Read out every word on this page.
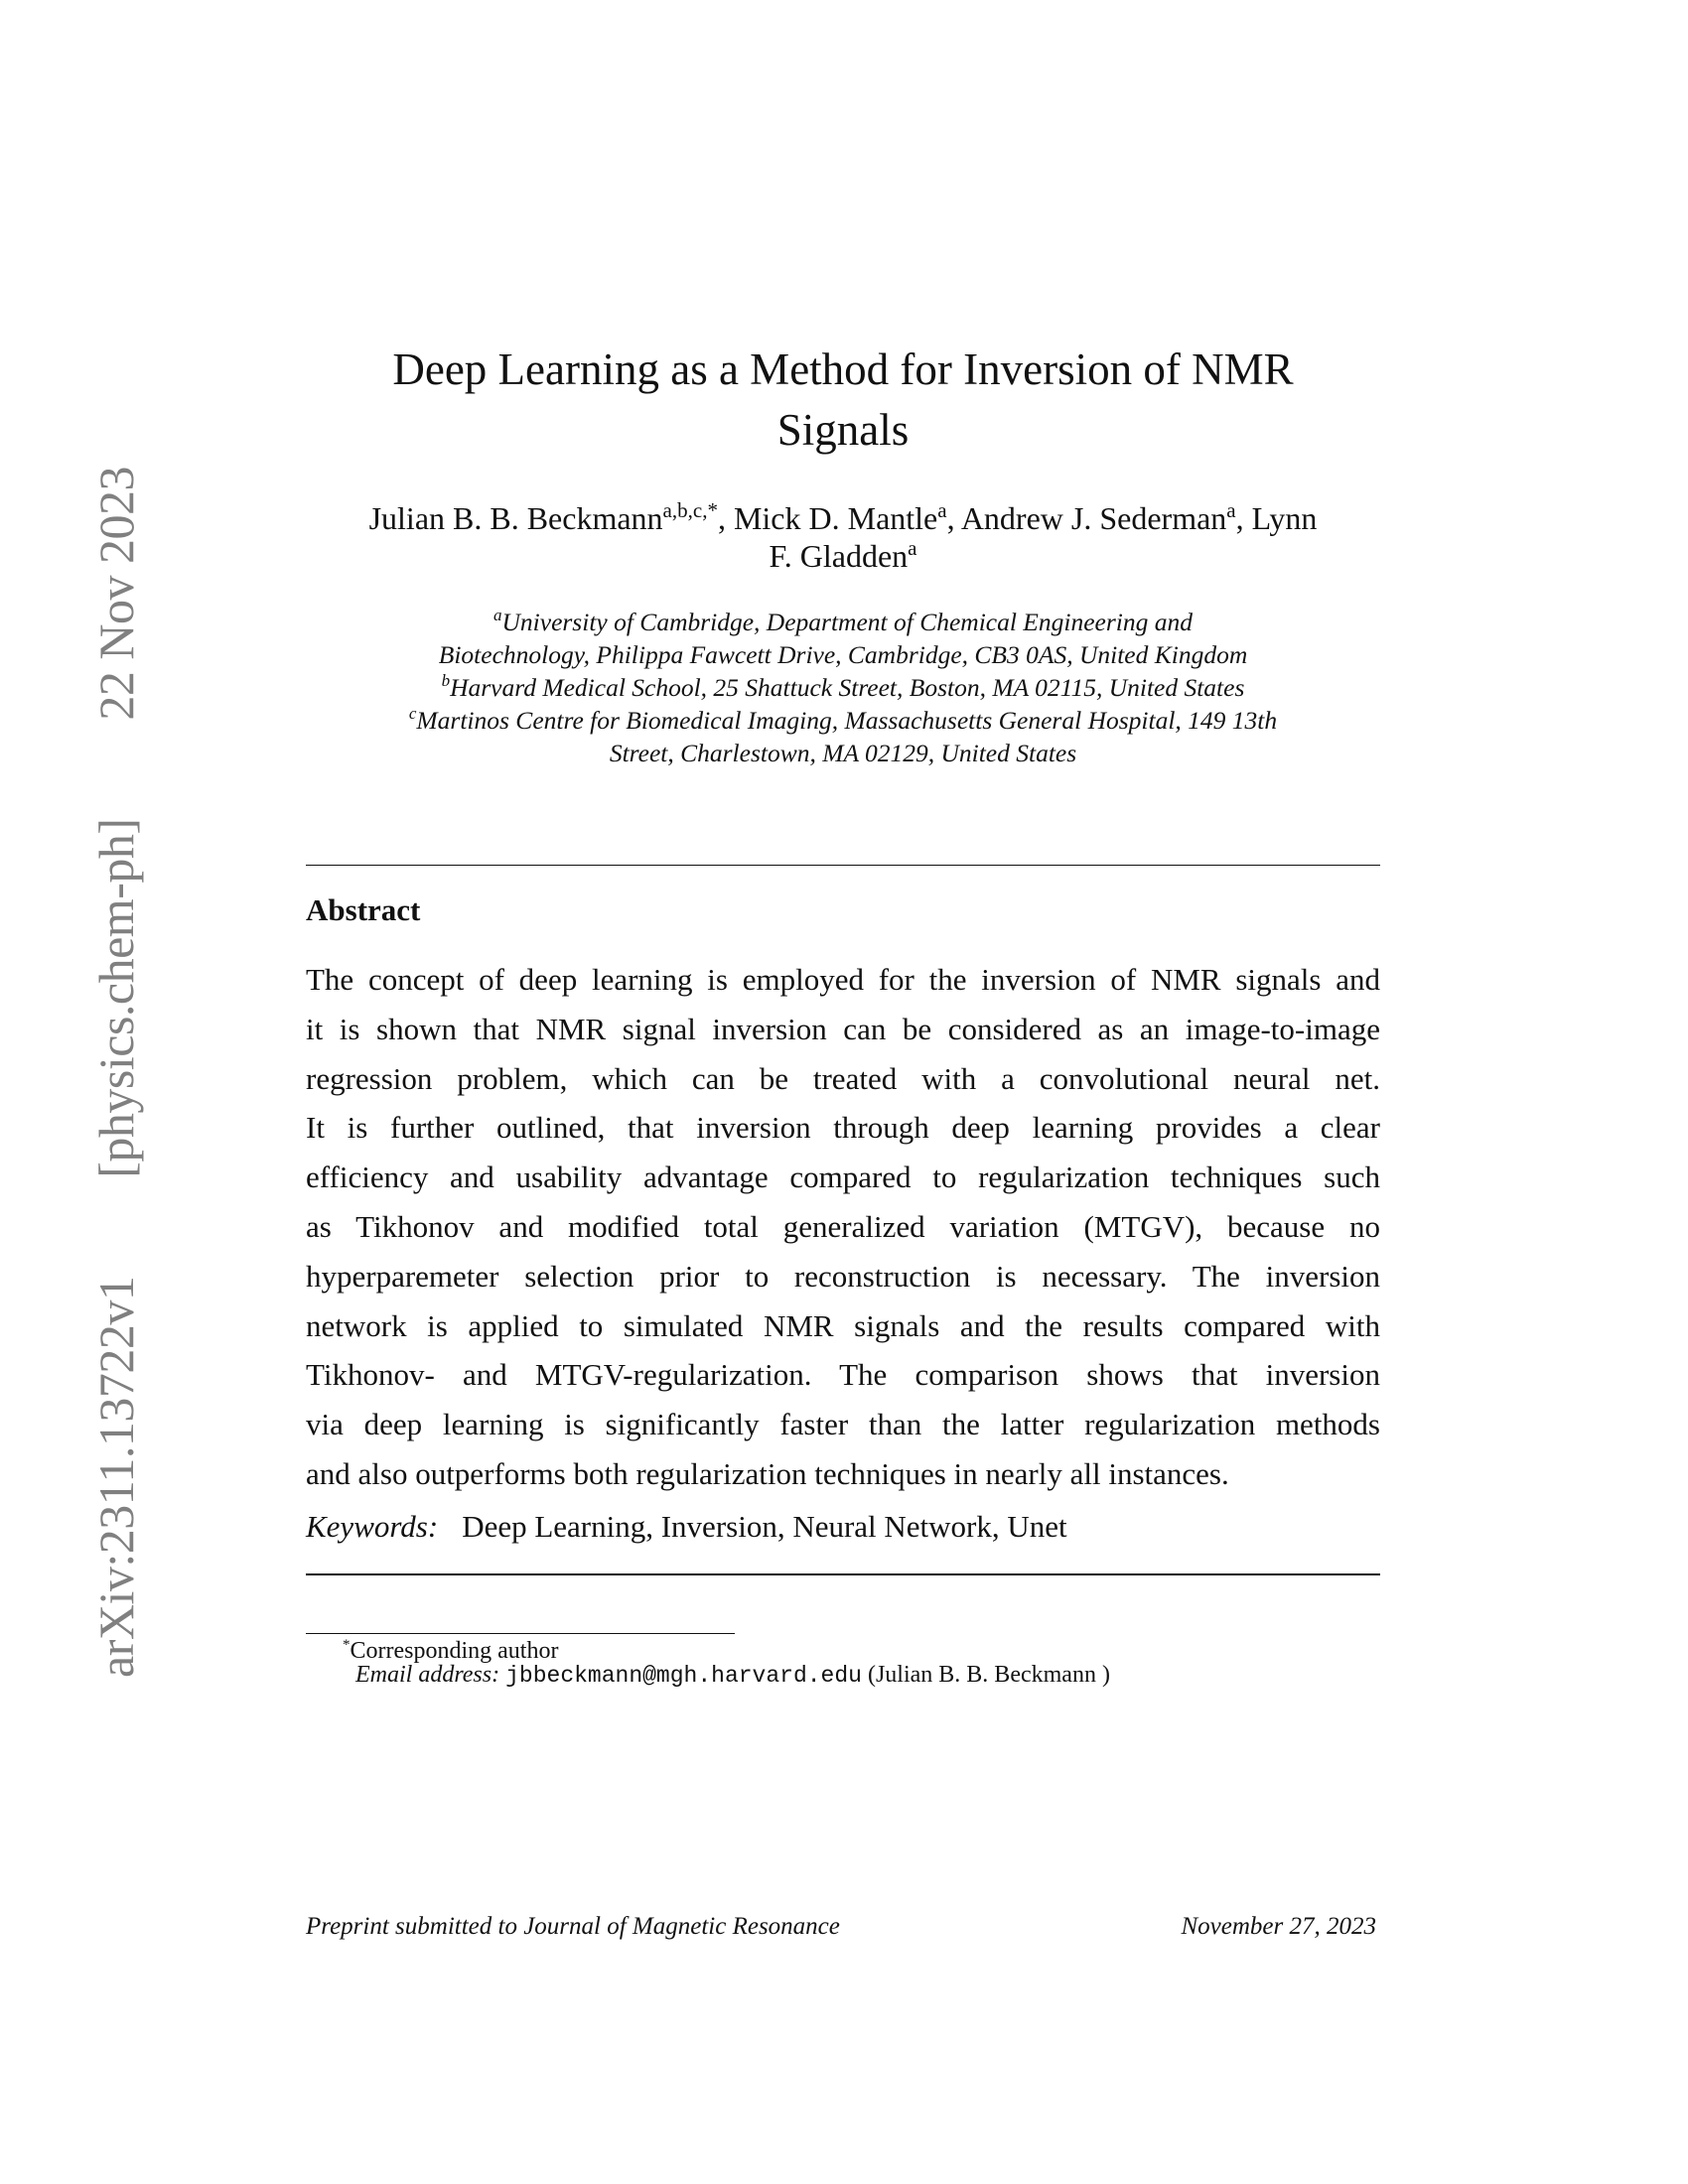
arXiv:2311.13722v1
[physics.chem-ph]
22 Nov 2023
Deep Learning as a Method for Inversion of NMR
Signals
Julian B. B. Beckmann$^{a,b,c,*}$, Mick D. Mantle$^a$, Andrew J. Sederman$^a$, Lynn
F. Gladden$^a$
$^a$University of Cambridge, Department of Chemical Engineering and
Biotechnology, Philippa Fawcett Drive, Cambridge, CB3 0AS, United Kingdom
$^b$Harvard Medical School, 25 Shattuck Street, Boston, MA 02115, United States
$^c$Martinos Centre for Biomedical Imaging, Massachusetts General Hospital, 149 13th
Street, Charlestown, MA 02129, United States
Abstract
The concept of deep learning is employed for the inversion of NMR signals and
it is shown that NMR signal inversion can be considered as an image-to-image
regression problem, which can be treated with a convolutional neural net.
It is further outlined, that inversion through deep learning provides a clear
efficiency and usability advantage compared to regularization techniques such
as Tikhonov and modified total generalized variation (MTGV), because no
hyperparemeter selection prior to reconstruction is necessary. The inversion
network is applied to simulated NMR signals and the results compared with
Tikhonov- and MTGV-regularization. The comparison shows that inversion
via deep learning is significantly faster than the latter regularization methods
and also outperforms both regularization techniques in nearly all instances.
Keywords: Deep Learning, Inversion, Neural Network, Unet
*Corresponding author
Email address: jbbeckmann@mgh.harvard.edu (Julian B. B. Beckmann )
Preprint submitted to Journal of Magnetic Resonance	November 27, 2023
